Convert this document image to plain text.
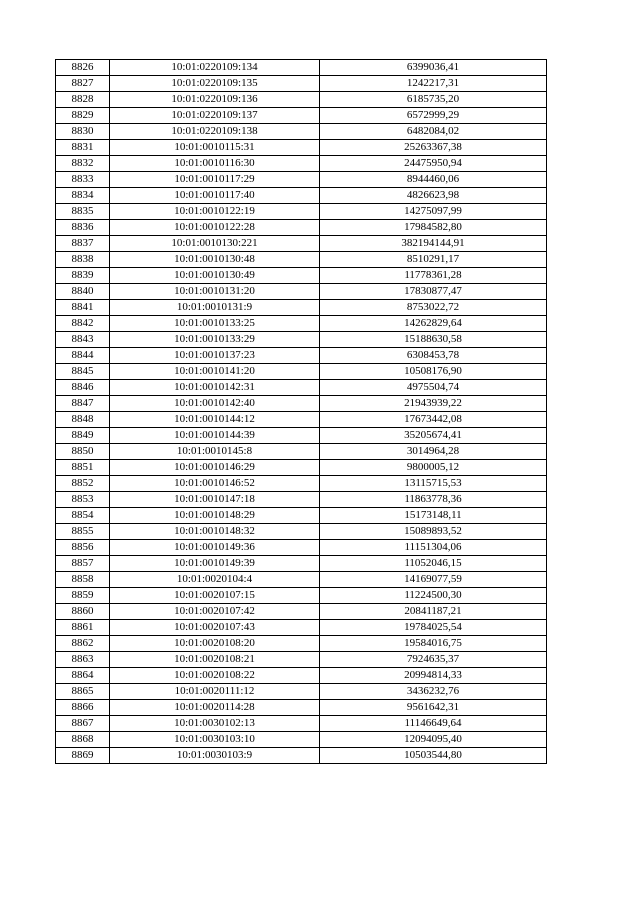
8826	10:01:0220109:134	6399036,41
8827	10:01:0220109:135	1242217,31
8828	10:01:0220109:136	6185735,20
8829	10:01:0220109:137	6572999,29
8830	10:01:0220109:138	6482084,02
8831	10:01:0010115:31	25263367,38
8832	10:01:0010116:30	24475950,94
8833	10:01:0010117:29	8944460,06
8834	10:01:0010117:40	4826623,98
8835	10:01:0010122:19	14275097,99
8836	10:01:0010122:28	17984582,80
8837	10:01:0010130:221	382194144,91
8838	10:01:0010130:48	8510291,17
8839	10:01:0010130:49	11778361,28
8840	10:01:0010131:20	17830877,47
8841	10:01:0010131:9	8753022,72
8842	10:01:0010133:25	14262829,64
8843	10:01:0010133:29	15188630,58
8844	10:01:0010137:23	6308453,78
8845	10:01:0010141:20	10508176,90
8846	10:01:0010142:31	4975504,74
8847	10:01:0010142:40	21943939,22
8848	10:01:0010144:12	17673442,08
8849	10:01:0010144:39	35205674,41
8850	10:01:0010145:8	3014964,28
8851	10:01:0010146:29	9800005,12
8852	10:01:0010146:52	13115715,53
8853	10:01:0010147:18	11863778,36
8854	10:01:0010148:29	15173148,11
8855	10:01:0010148:32	15089893,52
8856	10:01:0010149:36	11151304,06
8857	10:01:0010149:39	11052046,15
8858	10:01:0020104:4	14169077,59
8859	10:01:0020107:15	11224500,30
8860	10:01:0020107:42	20841187,21
8861	10:01:0020107:43	19784025,54
8862	10:01:0020108:20	19584016,75
8863	10:01:0020108:21	7924635,37
8864	10:01:0020108:22	20994814,33
8865	10:01:0020111:12	3436232,76
8866	10:01:0020114:28	9561642,31
8867	10:01:0030102:13	11146649,64
8868	10:01:0030103:10	12094095,40
8869	10:01:0030103:9	10503544,80
